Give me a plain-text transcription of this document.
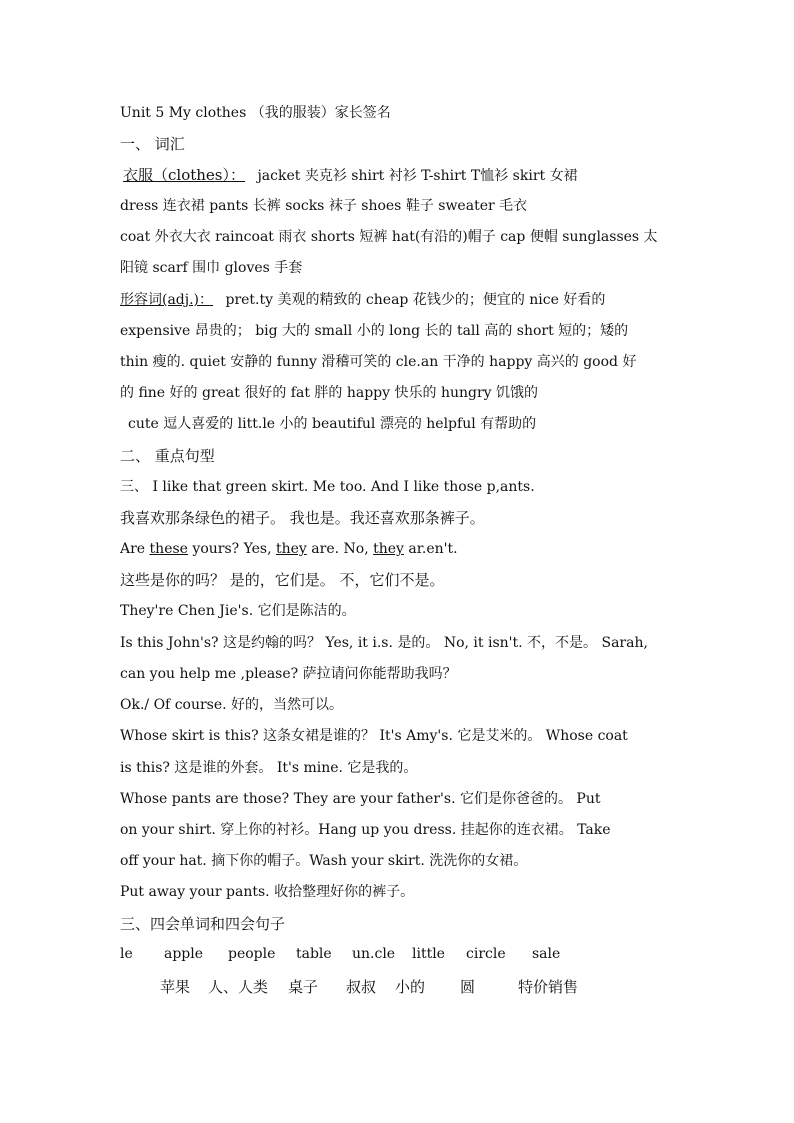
Unit 5 My clothes （我的服装）家长签名
一、 词汇
衣服（clothes）： jacket 夹克衫 shirt 衬衫 T-shirt T恤衫 skirt 女裙
dress 连衣裙 pants 长裤 socks 袜子 shoes 鞋子 sweater 毛衣
coat 外衣大衣 raincoat 雨衣 shorts 短裤 hat(有沿的)帽子 cap 便帽 sunglasses 太
阳镜 scarf 围巾 gloves 手套
形容词(adj.)： pret.ty 美观的精致的 cheap 花钱少的；便宜的 nice 好看的
expensive 昂贵的； big 大的 small 小的 long 长的 tall 高的 short 短的；矮的
thin 瘦的. quiet 安静的 funny 滑稽可笑的 cle.an 干净的 happy 高兴的 good 好
的 fine 好的 great 很好的 fat 胖的 happy 快乐的 hungry 饥饿的
cute 逗人喜爱的 litt.le 小的 beautiful 漂亮的 helpful 有帮助的
二、 重点句型
三、 I like that green skirt. Me too. And I like those p,ants.
我喜欢那条绿色的裙子。 我也是。我还喜欢那条裤子。
Are these yours? Yes, they are. No, they ar.en't.
这些是你的吗？ 是的，它们是。 不，它们不是。
They're Chen Jie's. 它们是陈洁的。
Is this John's? 这是约翰的吗？ Yes, it i.s. 是的。 No, it isn't. 不，不是。 Sarah,
can you help me ,please? 萨拉请问你能帮助我吗？
Ok./ Of course. 好的，当然可以。
Whose skirt is this? 这条女裙是谁的？ It's Amy's. 它是艾米的。 Whose coat
is this? 这是谁的外套。 It's mine. 它是我的。
Whose pants are those? They are your father's. 它们是你爸爸的。 Put
on your shirt. 穿上你的衬衫。Hang up you dress. 挂起你的连衣裙。 Take
off your hat. 摘下你的帽子。Wash your skirt. 洗洗你的女裙。
Put away your pants. 收拾整理好你的裤子。
三、四会单词和四会句子
le apple people table un.cle little circle sale
苹果 人、人类 桌子 叔叔 小的 圆	特价销售
